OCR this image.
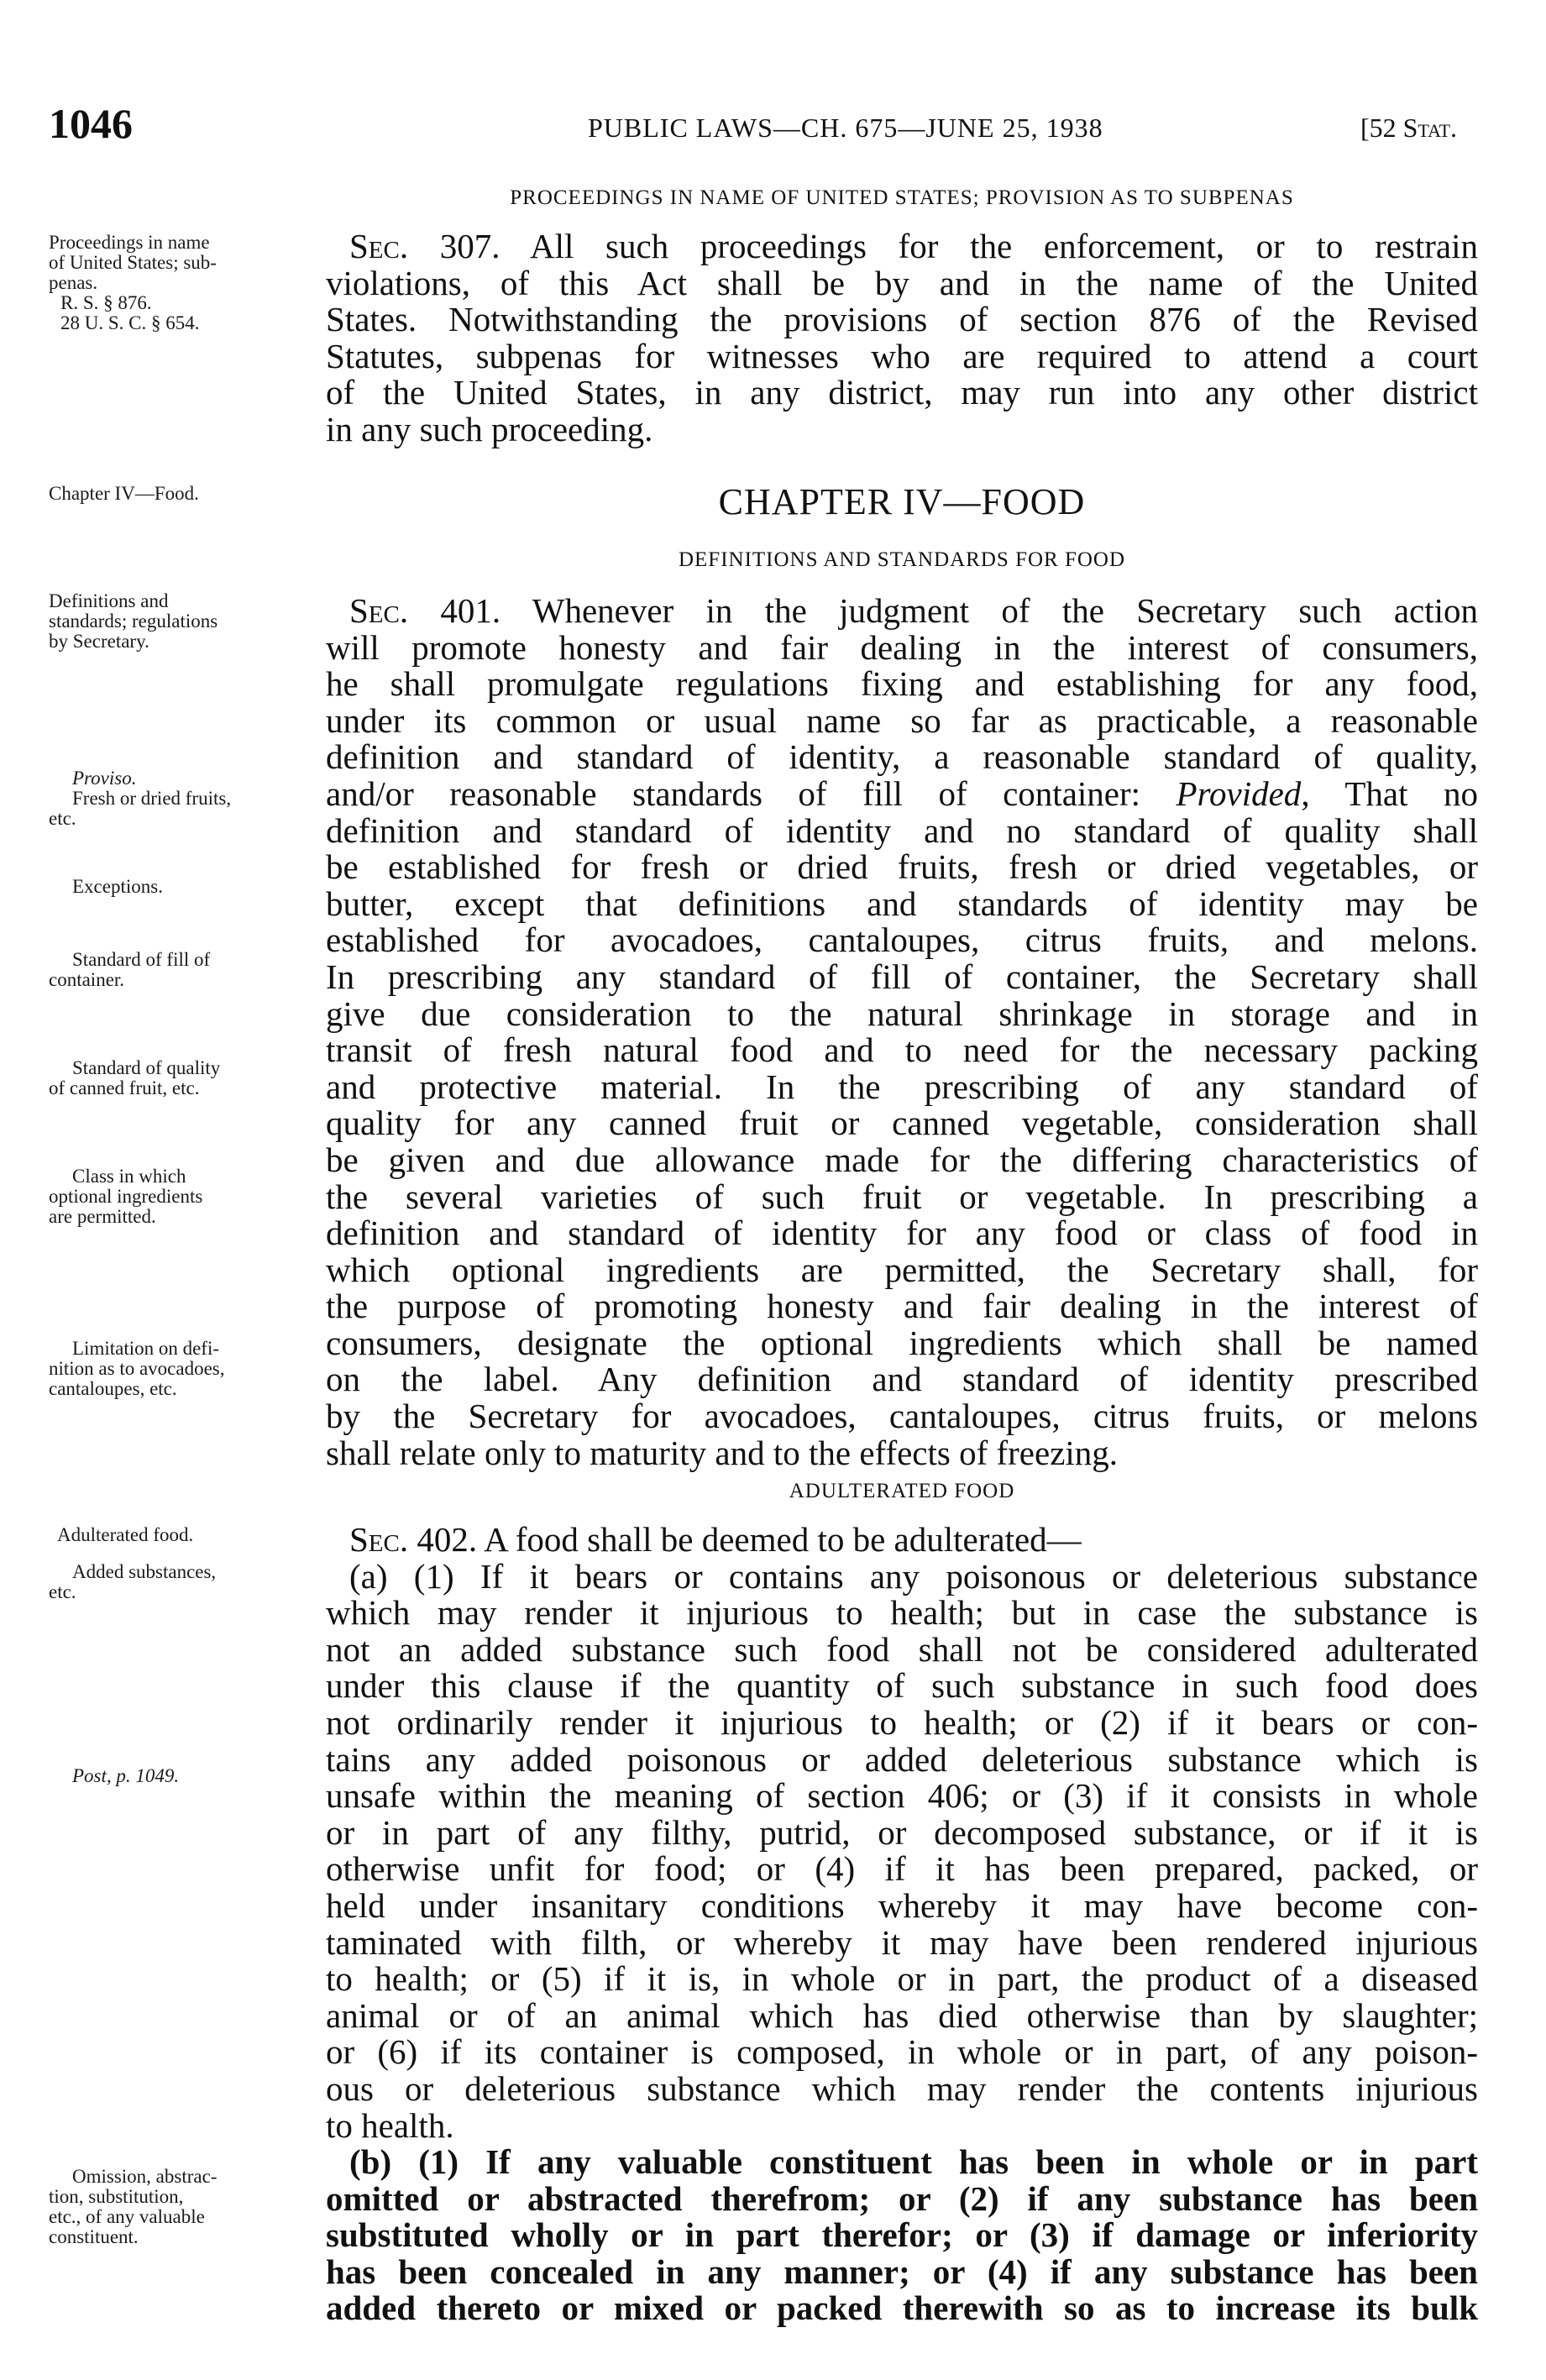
1046	PUBLIC LAWS—CH. 675—JUNE 25, 1938	[52 Stat.
Proceedings in name
of United States; sub-
penas.
R. S. § 876.
28 U. S. C. § 654.
Chapter IV—Food.
Definitions and
standards; regulations
by Secretary.
Proviso.
Fresh or dried fruits,
etc.
Exceptions.
Standard of fill of
container.
Standard of quality
of canned fruit, etc.
Class in which
optional ingredients
are permitted.
Limitation on defi-
nition as to avocadoes,
cantaloupes, etc.
Adulterated food.
Added substances,
etc.
Post, p. 1049.
Omission, abstrac-
tion, substitution,
etc., of any valuable
constituent.
PROCEEDINGS IN NAME OF UNITED STATES; PROVISION AS TO SUBPENAS

Sec. 307. All such proceedings for the enforcement, or to restrain
violations, of this Act shall be by and in the name of the United
States. Notwithstanding the provisions of section 876 of the Revised
Statutes, subpenas for witnesses who are required to attend a court
of the United States, in any district, may run into any other district
in any such proceeding.

CHAPTER IV—FOOD
DEFINITIONS AND STANDARDS FOR FOOD

Sec. 401. Whenever in the judgment of the Secretary such action
will promote honesty and fair dealing in the interest of consumers,
he shall promulgate regulations fixing and establishing for any food,
under its common or usual name so far as practicable, a reasonable
definition and standard of identity, a reasonable standard of quality,
and/or reasonable standards of fill of container: Provided, That no
definition and standard of identity and no standard of quality shall
be established for fresh or dried fruits, fresh or dried vegetables, or
butter, except that definitions and standards of identity may be
established for avocadoes, cantaloupes, citrus fruits, and melons.
In prescribing any standard of fill of container, the Secretary shall
give due consideration to the natural shrinkage in storage and in
transit of fresh natural food and to need for the necessary packing
and protective material. In the prescribing of any standard of
quality for any canned fruit or canned vegetable, consideration shall
be given and due allowance made for the differing characteristics of
the several varieties of such fruit or vegetable. In prescribing a
definition and standard of identity for any food or class of food in
which optional ingredients are permitted, the Secretary shall, for
the purpose of promoting honesty and fair dealing in the interest of
consumers, designate the optional ingredients which shall be named
on the label. Any definition and standard of identity prescribed
by the Secretary for avocadoes, cantaloupes, citrus fruits, or melons
shall relate only to maturity and to the effects of freezing.

ADULTERATED FOOD

Sec. 402. A food shall be deemed to be adulterated—
(a) (1) If it bears or contains any poisonous or deleterious substance
which may render it injurious to health; but in case the substance is
not an added substance such food shall not be considered adulterated
under this clause if the quantity of such substance in such food does
not ordinarily render it injurious to health; or (2) if it bears or con-
tains any added poisonous or added deleterious substance which is
unsafe within the meaning of section 406; or (3) if it consists in whole
or in part of any filthy, putrid, or decomposed substance, or if it is
otherwise unfit for food; or (4) if it has been prepared, packed, or
held under insanitary conditions whereby it may have become con-
taminated with filth, or whereby it may have been rendered injurious
to health; or (5) if it is, in whole or in part, the product of a diseased
animal or of an animal which has died otherwise than by slaughter;
or (6) if its container is composed, in whole or in part, of any poison-
ous or deleterious substance which may render the contents injurious
to health.

(b) (1) If any valuable constituent has been in whole or in part
omitted or abstracted therefrom; or (2) if any substance has been
substituted wholly or in part therefor; or (3) if damage or inferiority
has been concealed in any manner; or (4) if any substance has been
added thereto or mixed or packed therewith so as to increase its bulk
